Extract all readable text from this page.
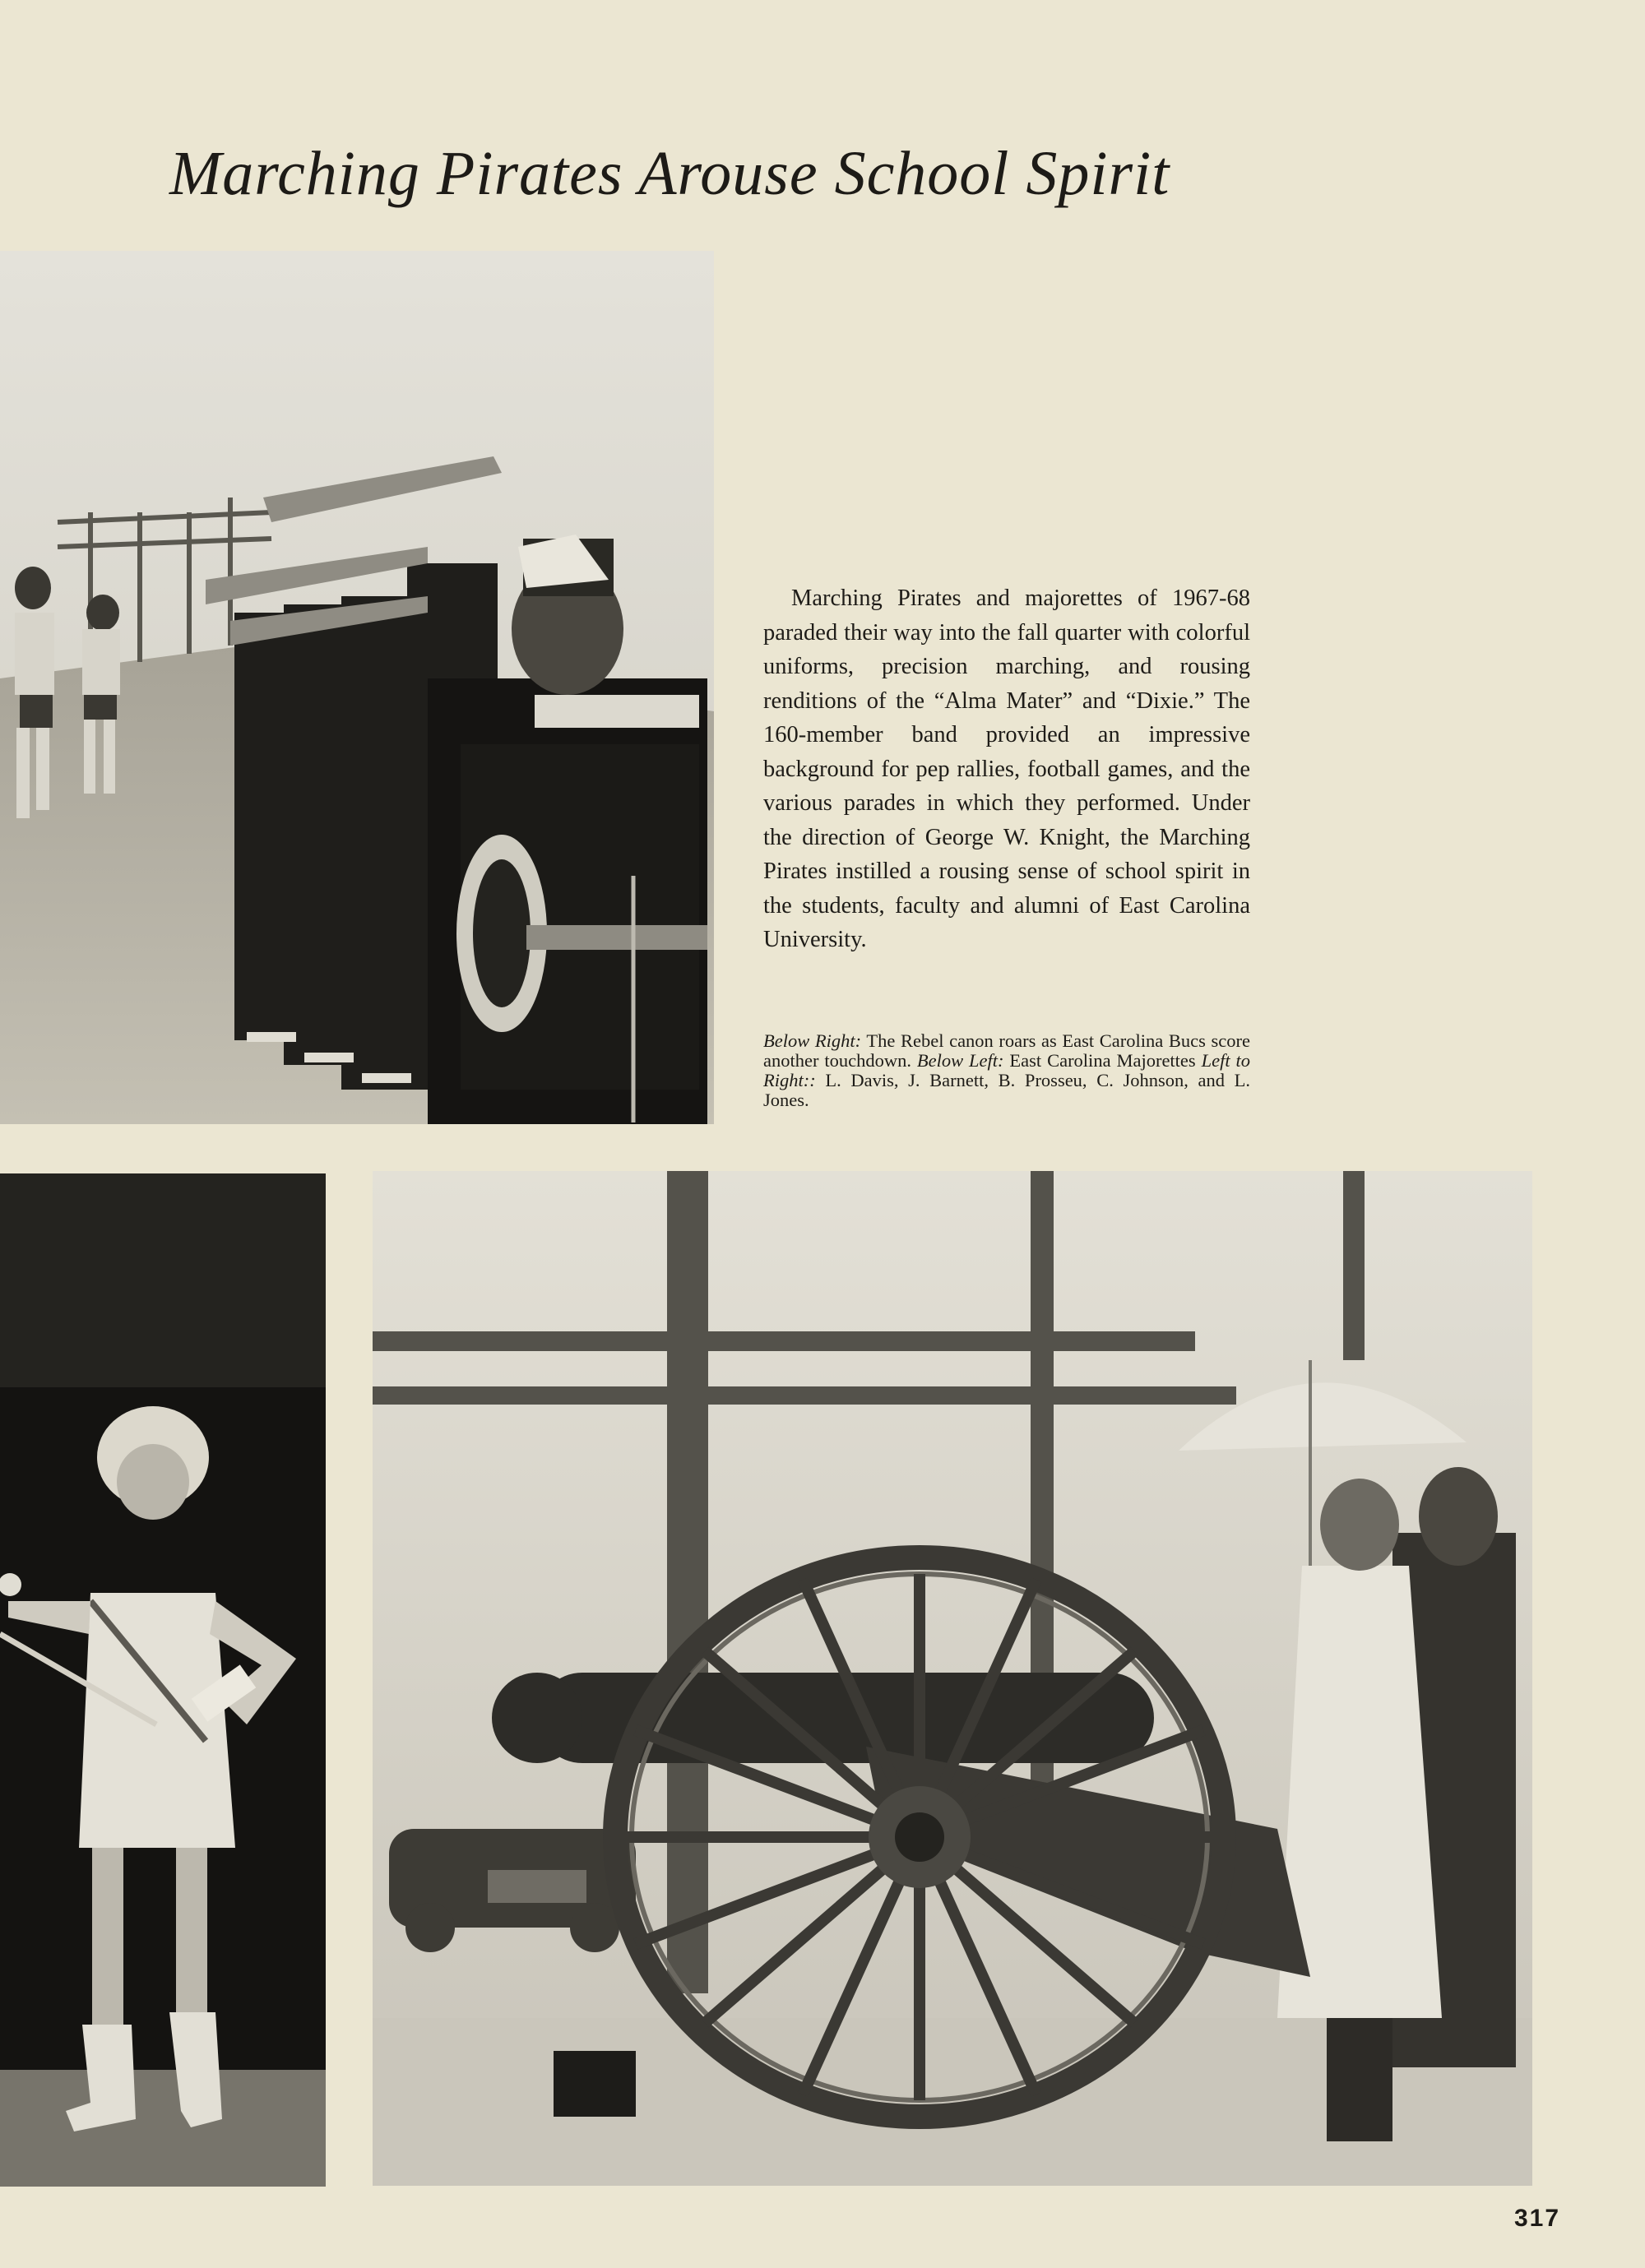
Marching Pirates Arouse School Spirit
Marching Pirates and majorettes of 1967-68 paraded their way into the fall quarter with colorful uniforms, precision marching, and rousing renditions of the “Alma Mater” and “Dixie.” The 160-member band provided an impressive background for pep rallies, football games, and the various parades in which they performed. Under the direction of George W. Knight, the Marching Pirates instilled a rousing sense of school spirit in the students, faculty and alumni of East Carolina University.
Below Right: The Rebel canon roars as East Carolina Bucs score another touchdown. Below Left: East Carolina Majorettes Left to Right:: L. Davis, J. Barnett, B. Prosseu, C. Johnson, and L. Jones.
317
